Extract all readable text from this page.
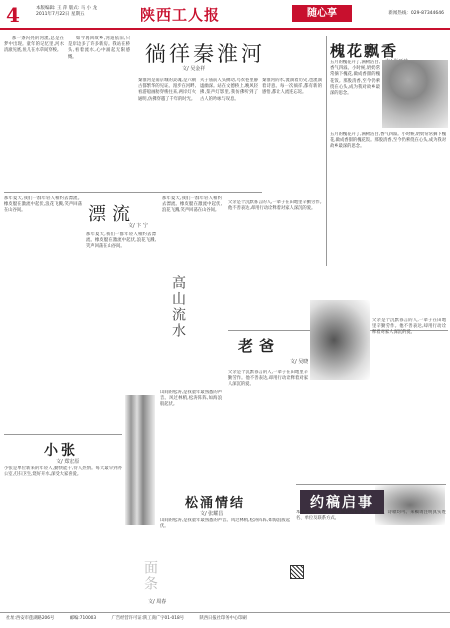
4	本版编辑: 王 萍 版式: 马 小 龙
2011年7月22日 星期五	陕西工人报	随心享	新闻热线：029-87344646

那一条闪亮的河流,总是在梦中出现。童年的记忆里,河水清澈见底,鱼儿在水草间穿梭。

如今再回故乡,河道依旧,只是岸边多了许多新房。我站在桥头,看着流水,心中涌起无限感慨。	徜徉秦淮河
文/ 吴金祥
秦淮河是南京城的灵魂,是六朝古都繁华的见证。漫步在河畔,看游船画舫穿梭往来,两岸灯火通明,仿佛穿越了千年的时光。
夫子庙前人头攒动,乌衣巷里静谧幽深。站在文德桥上,晚风轻拂,桨声灯影里,我仿佛听到了古人的吟咏与叹息。
秦淮河的水,流淌着历史,也流淌着诗意。每一次徜徉,都有新的感悟,都让人流连忘返。
槐花飘香
五月的槐花开了,满树洁白,香气四溢。小时候,奶奶常常摘下槐花,做成香甜的槐花饭。那股清香,至今仍萦绕在心头,成为我对故乡最深的思念。
五月的槐花开了,满树洁白,香气四溢。小时候,奶奶常常摘下槐花,做成香甜的槐花饭。那股清香,至今仍萦绕在心头,成为我对故乡最深的思念。
漂流
文/ 卞 宁
那年夏天,我们一群年轻人相约去漂流。橡皮艇在激流中起伏,浪花飞溅,笑声回荡在山谷间。
那年夏天,我们一群年轻人相约去漂流。橡皮艇在激流中起伏,浪花飞溅,笑声回荡在山谷间。
那年夏天,我们一群年轻人相约去漂流。橡皮艇在激流中起伏,浪花飞溅,笑声回荡在山谷间。
高山流水
老爸
文/ 吴晓
父亲是个沉默寡言的人,一辈子在田地里辛勤劳作。他不善表达,却用行动诠释着对家人深沉的爱。
父亲是个沉默寡言的人,一辈子在田地里辛勤劳作。他不善表达,却用行动诠释着对家人深沉的爱。
父亲是个沉默寡言的人,一辈子在田地里辛勤劳作。他不善表达,却用行动诠释着对家人深沉的爱。
小张
文/ 郑宏原
小张是单位新来的年轻人,勤快能干,待人热情。每天最早到办公室,打扫卫生,烧好开水,深受大家喜爱。
山间的松涛,是我童年最熟悉的声音。风过林梢,松涛阵阵,如海浪般起伏。
松涌情结
文/ 张耀昌
山间的松涛,是我童年最熟悉的声音。风过林梢,松涛阵阵,如海浪般起伏。
约稿启事
本版欢迎广大职工朋友踊跃投稿,散文、随笔、诗歌均可。来稿请注明真实姓名、单位及联系方式。
面条
文/ 周春
社址:西安市莲湖路206号	邮编:710003	广告经营许可证:陕工商广字01-018号	陕西日报社印务中心印刷
